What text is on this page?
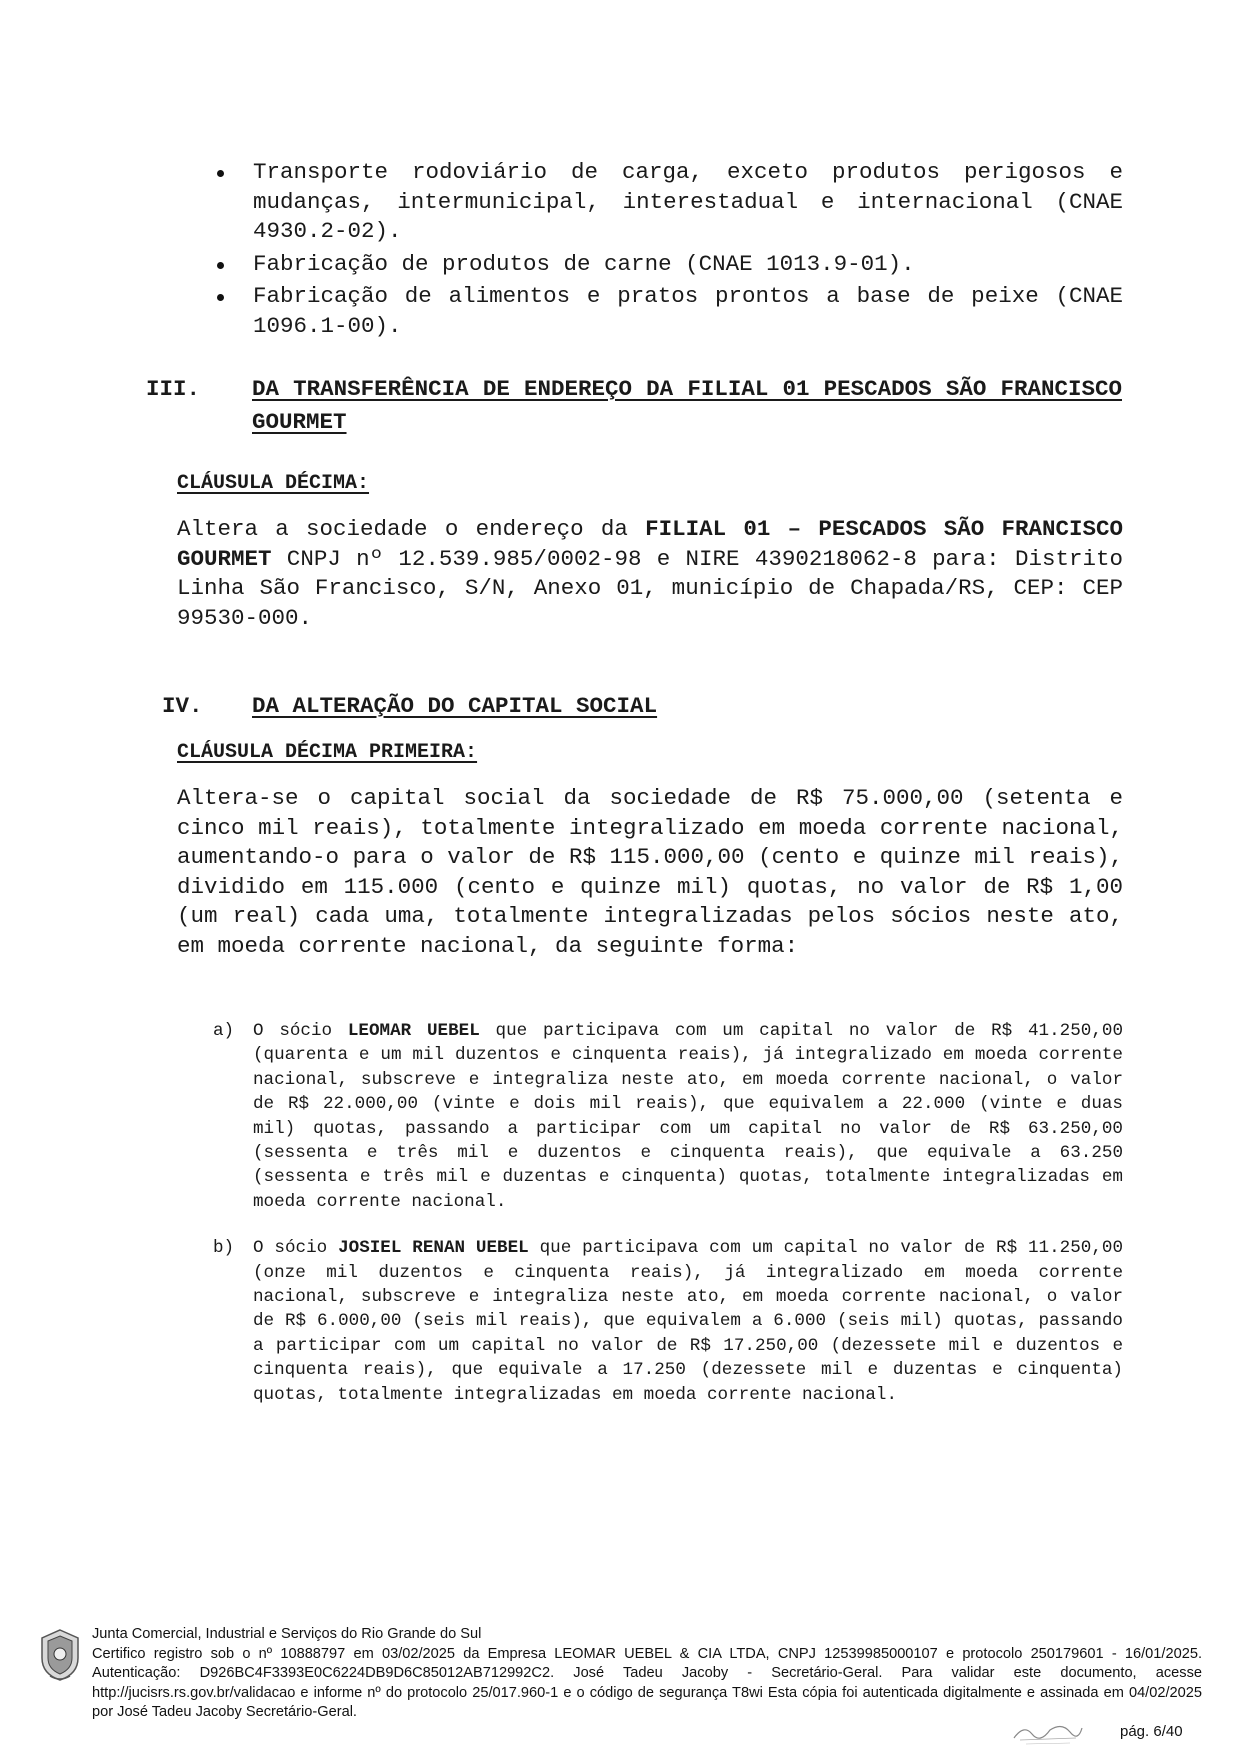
Transporte rodoviário de carga, exceto produtos perigosos e mudanças, intermunicipal, interestadual e internacional (CNAE 4930.2-02).
Fabricação de produtos de carne (CNAE 1013.9-01).
Fabricação de alimentos e pratos prontos a base de peixe (CNAE 1096.1-00).
III. DA TRANSFERÊNCIA DE ENDEREÇO DA FILIAL 01 PESCADOS SÃO FRANCISCO GOURMET
CLÁUSULA DÉCIMA:

Altera a sociedade o endereço da FILIAL 01 – PESCADOS SÃO FRANCISCO GOURMET CNPJ nº 12.539.985/0002-98 e NIRE 4390218062-8 para: Distrito Linha São Francisco, S/N, Anexo 01, município de Chapada/RS, CEP: CEP 99530-000.

IV. DA ALTERAÇÃO DO CAPITAL SOCIAL
CLÁUSULA DÉCIMA PRIMEIRA:

Altera-se o capital social da sociedade de R$ 75.000,00 (setenta e cinco mil reais), totalmente integralizado em moeda corrente nacional, aumentando-o para o valor de R$ 115.000,00 (cento e quinze mil reais), dividido em 115.000 (cento e quinze mil) quotas, no valor de R$ 1,00 (um real) cada uma, totalmente integralizadas pelos sócios neste ato, em moeda corrente nacional, da seguinte forma:

a) O sócio LEOMAR UEBEL que participava com um capital no valor de R$ 41.250,00 (quarenta e um mil duzentos e cinquenta reais), já integralizado em moeda corrente nacional, subscreve e integraliza neste ato, em moeda corrente nacional, o valor de R$ 22.000,00 (vinte e dois mil reais), que equivalem a 22.000 (vinte e duas mil) quotas, passando a participar com um capital no valor de R$ 63.250,00 (sessenta e três mil e duzentos e cinquenta reais), que equivale a 63.250 (sessenta e três mil e duzentas e cinquenta) quotas, totalmente integralizadas em moeda corrente nacional.
b) O sócio JOSIEL RENAN UEBEL que participava com um capital no valor de R$ 11.250,00 (onze mil duzentos e cinquenta reais), já integralizado em moeda corrente nacional, subscreve e integraliza neste ato, em moeda corrente nacional, o valor de R$ 6.000,00 (seis mil reais), que equivalem a 6.000 (seis mil) quotas, passando a participar com um capital no valor de R$ 17.250,00 (dezessete mil e duzentos e cinquenta reais), que equivale a 17.250 (dezessete mil e duzentas e cinquenta) quotas, totalmente integralizadas em moeda corrente nacional.
Junta Comercial, Industrial e Serviços do Rio Grande do Sul
Certifico registro sob o nº 10888797 em 03/02/2025 da Empresa LEOMAR UEBEL & CIA LTDA, CNPJ 12539985000107 e protocolo 250179601 - 16/01/2025. Autenticação: D926BC4F3393E0C6224DB9D6C85012AB712992C2. José Tadeu Jacoby - Secretário-Geral. Para validar este documento, acesse http://jucisrs.rs.gov.br/validacao e informe nº do protocolo 25/017.960-1 e o código de segurança T8wi Esta cópia foi autenticada digitalmente e assinada em 04/02/2025 por José Tadeu Jacoby Secretário-Geral.
pág. 6/40
